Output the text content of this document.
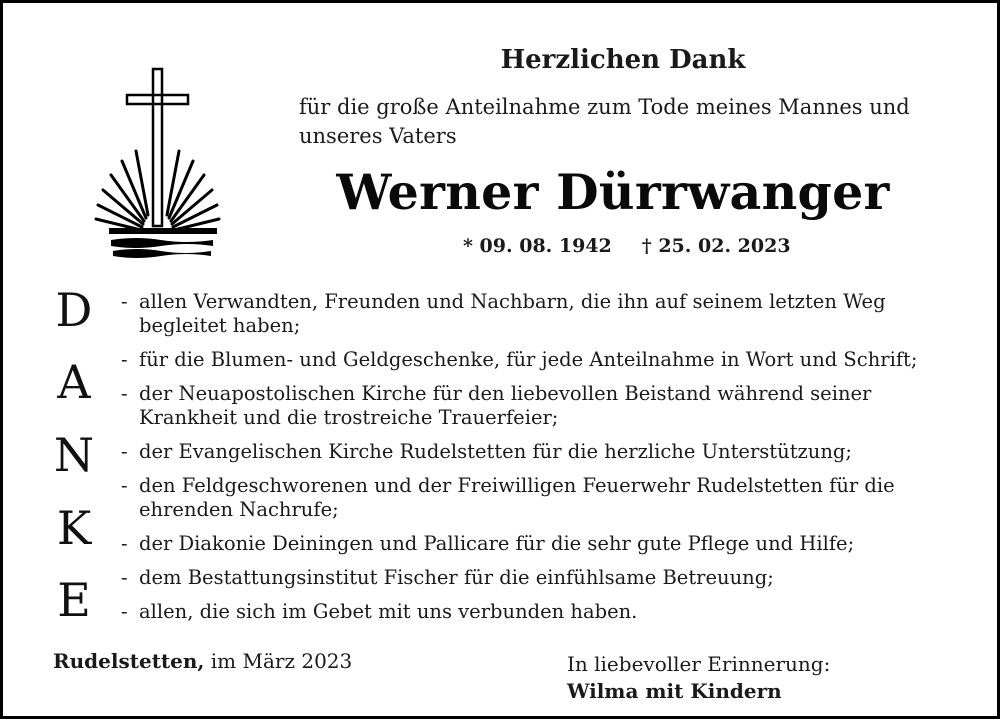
Herzlichen Dank
für die große Anteilnahme zum Tode meines Mannes und
unseres Vaters
Werner Dürrwanger
* 09. 08. 1942 † 25. 02. 2023
D
A
N
K
E
- allen Verwandten, Freunden und Nachbarn, die ihn auf seinem letzten Weg
begleitet haben;
- für die Blumen- und Geldgeschenke, für jede Anteilnahme in Wort und Schrift;
- der Neuapostolischen Kirche für den liebevollen Beistand während seiner
Krankheit und die trostreiche Trauerfeier;
- der Evangelischen Kirche Rudelstetten für die herzliche Unterstützung;
- den Feldgeschworenen und der Freiwilligen Feuerwehr Rudelstetten für die
ehrenden Nachrufe;
- der Diakonie Deiningen und Pallicare für die sehr gute Pflege und Hilfe;
- dem Bestattungsinstitut Fischer für die einfühlsame Betreuung;
- allen, die sich im Gebet mit uns verbunden haben.
Rudelstetten, im März 2023	In liebevoller Erinnerung:
Wilma mit Kindern
